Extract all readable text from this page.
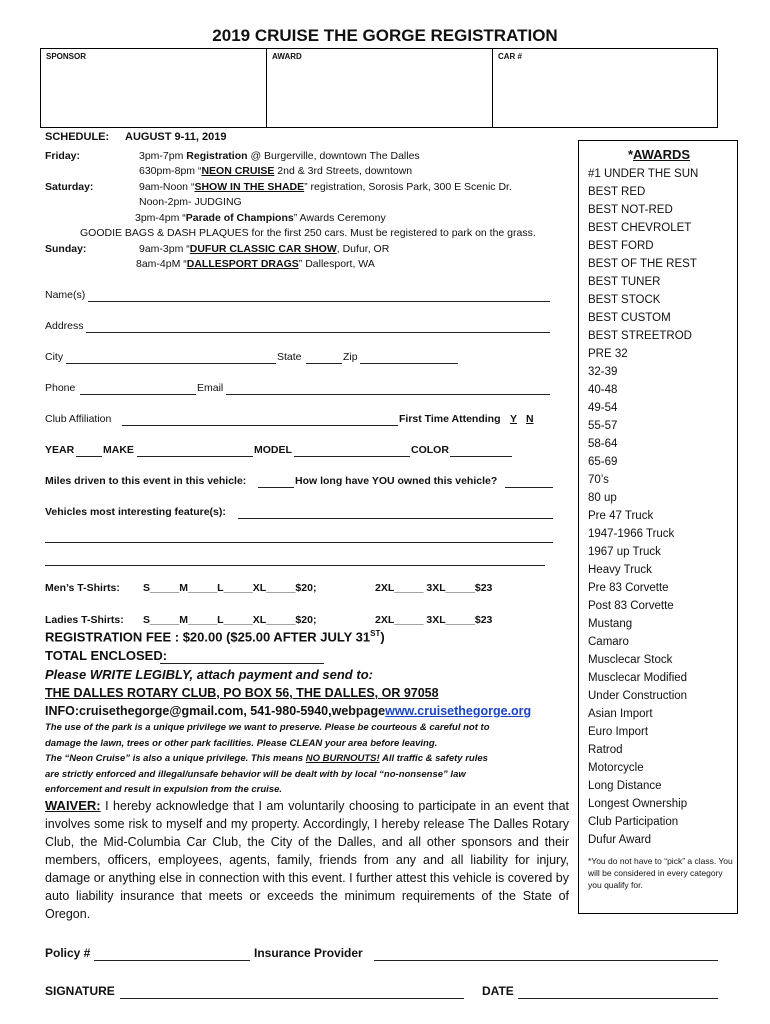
2019 CRUISE THE GORGE REGISTRATION
SPONSOR	AWARD	CAR #
SCHEDULE: AUGUST 9-11, 2019
Friday:	3pm-7pm Registration @ Burgerville, downtown The Dalles
630pm-8pm “NEON CRUISE 2nd & 3rd Streets, downtown
Saturday:	9am-Noon “SHOW IN THE SHADE” registration, Sorosis Park, 300 E Scenic Dr.
Noon-2pm- JUDGING
3pm-4pm “Parade of Champions” Awards Ceremony
GOODIE BAGS & DASH PLAQUES for the first 250 cars. Must be registered to park on the grass.
Sunday:	9am-3pm “DUFUR CLASSIC CAR SHOW, Dufur, OR
8am-4pM “DALLESPORT DRAGS” Dallesport, WA
Name(s)
Address
City	State	Zip
Phone	Email
Club Affiliation	First Time Attending Y N
YEAR	MAKE	MODEL	COLOR
Miles driven to this event in this vehicle:	How long have YOU owned this vehicle?
Vehicles most interesting feature(s):
Men’s T-Shirts: S_____M_____L_____XL_____$20;	2XL_____ 3XL_____$23
Ladies T-Shirts: S_____M_____L_____XL_____$20;	2XL_____ 3XL_____$23
REGISTRATION FEE : $20.00 ($25.00 AFTER JULY 31ST)
TOTAL ENCLOSED:
Please WRITE LEGIBLY, attach payment and send to:
THE DALLES ROTARY CLUB, PO BOX 56, THE DALLES, OR 97058
INFO:cruisethegorge@gmail.com, 541-980-5940,webpagewww.cruisethegorge.org
The use of the park is a unique privilege we want to preserve. Please be courteous & careful not to
damage the lawn, trees or other park facilities. Please CLEAN your area before leaving.
The “Neon Cruise” is also a unique privilege. This means NO BURNOUTS! All traffic & safety rules
are strictly enforced and illegal/unsafe behavior will be dealt with by local “no-nonsense” law
enforcement and result in expulsion from the cruise.
WAIVER: I hereby acknowledge that I am voluntarily choosing to participate in an event that involves some risk to myself and my property. Accordingly, I hereby release The Dalles Rotary Club, the Mid-Columbia Car Club, the City of the Dalles, and all other sponsors and their members, officers, employees, agents, family, friends from any and all liability for injury, damage or anything else in connection with this event. I further attest this vehicle is covered by auto liability insurance that meets or exceeds the minimum requirements of the State of Oregon.
Policy #	Insurance Provider
SIGNATURE	DATE
*AWARDS
#1 UNDER THE SUN
BEST RED
BEST NOT-RED
BEST CHEVROLET
BEST FORD
BEST OF THE REST
BEST TUNER
BEST STOCK
BEST CUSTOM
BEST STREETROD
PRE 32
32-39
40-48
49-54
55-57
58-64
65-69
70’s
80 up
Pre 47 Truck
1947-1966 Truck
1967 up Truck
Heavy Truck
Pre 83 Corvette
Post 83 Corvette
Mustang
Camaro
Musclecar Stock
Musclecar Modified
Under Construction
Asian Import
Euro Import
Ratrod
Motorcycle
Long Distance
Longest Ownership
Club Participation
Dufur Award
*You do not have to “pick” a class. You will be considered in every category you qualify for.
